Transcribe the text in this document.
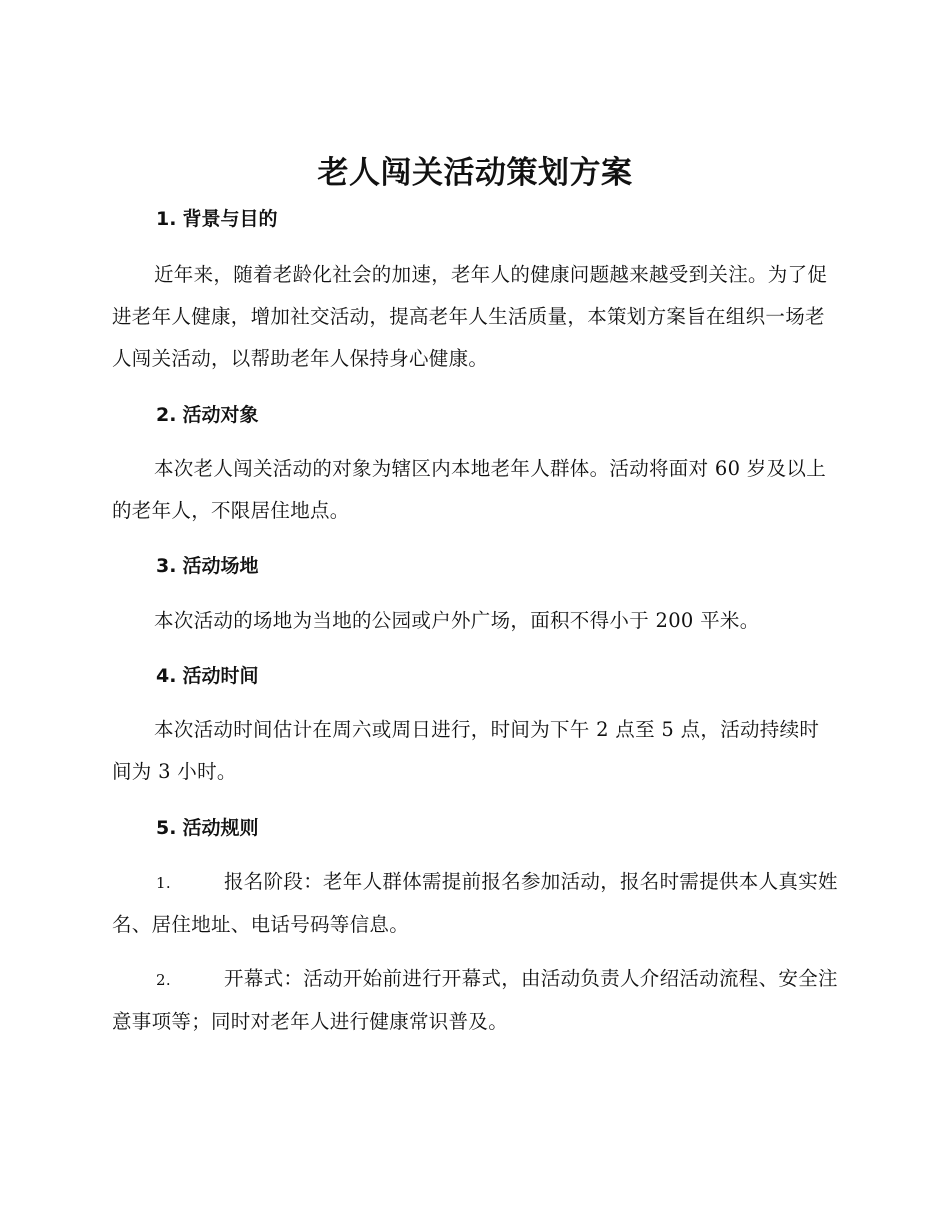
老人闯关活动策划方案
1. 背景与目的

近年来，随着老龄化社会的加速，老年人的健康问题越来越受到关注。为了促进老年人健康，增加社交活动，提高老年人生活质量，本策划方案旨在组织一场老人闯关活动，以帮助老年人保持身心健康。

2. 活动对象

本次老人闯关活动的对象为辖区内本地老年人群体。活动将面对 60 岁及以上的老年人，不限居住地点。

3. 活动场地

本次活动的场地为当地的公园或户外广场，面积不得小于 200 平米。

4. 活动时间

本次活动时间估计在周六或周日进行，时间为下午 2 点至 5 点，活动持续时间为 3 小时。

5. 活动规则

1.	报名阶段：老年人群体需提前报名参加活动，报名时需提供本人真实姓名、居住地址、电话号码等信息。

2.	开幕式：活动开始前进行开幕式，由活动负责人介绍活动流程、安全注意事项等；同时对老年人进行健康常识普及。
